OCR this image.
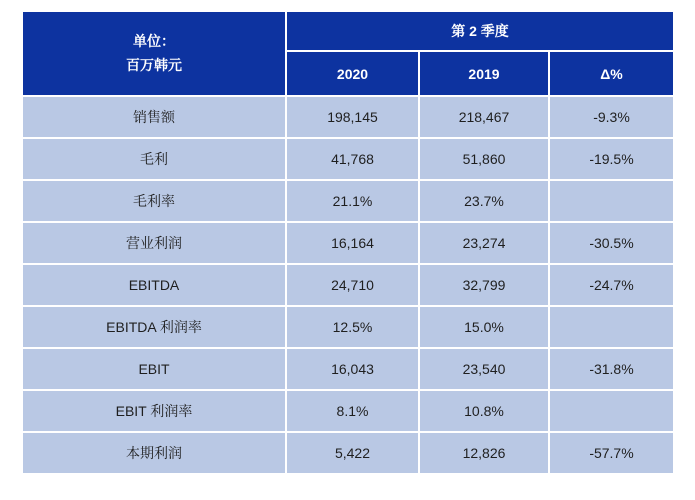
单位：
百万韩元	第 2 季度		
	2020	2019	Δ%
销售额	198,145	218,467	-9.3%
毛利	41,768	51,860	-19.5%
毛利率	21.1%	23.7%	
营业利润	16,164	23,274	-30.5%
EBITDA	24,710	32,799	-24.7%
EBITDA 利润率	12.5%	15.0%	
EBIT	16,043	23,540	-31.8%
EBIT 利润率	8.1%	10.8%	
本期利润	5,422	12,826	-57.7%
